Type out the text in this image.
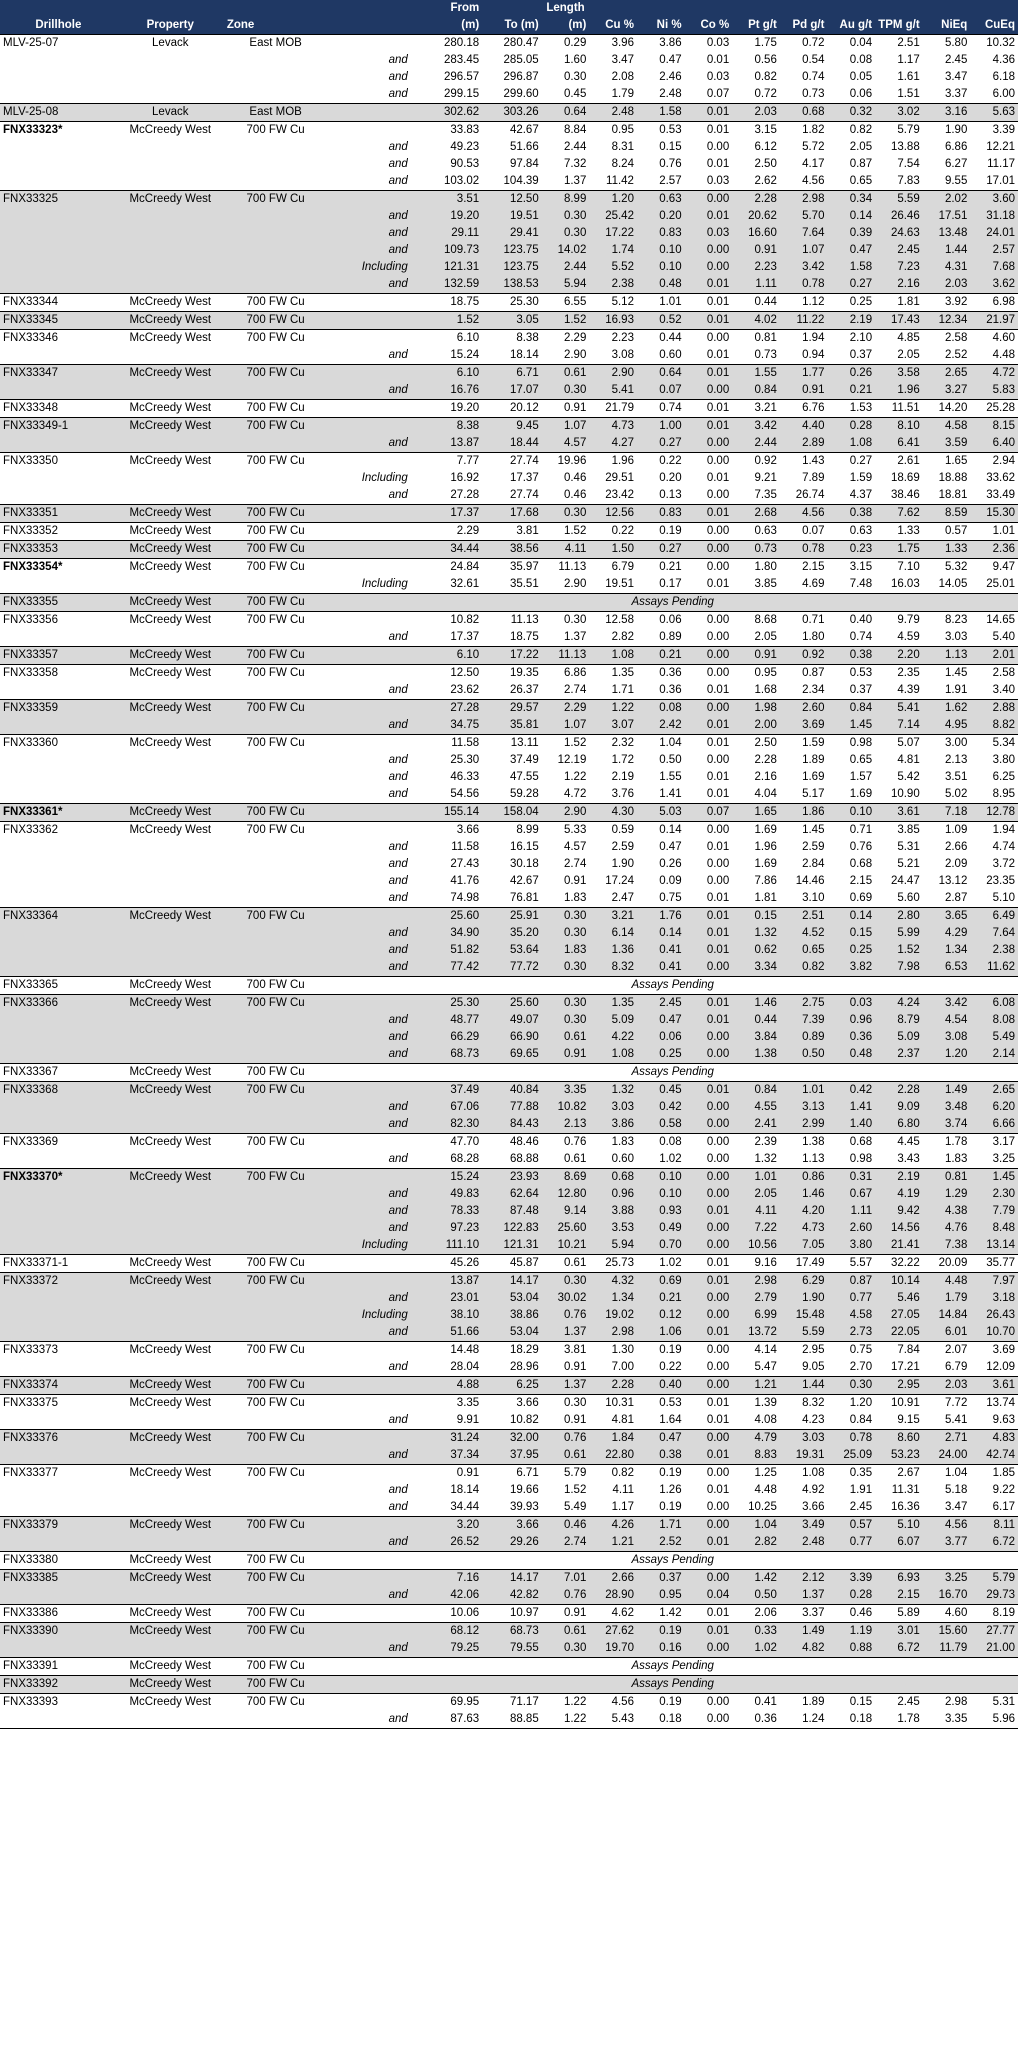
				From		Length									
Drillhole	Property	Zone		(m)	To (m)	(m)	Cu %	Ni %	Co %	Pt g/t	Pd g/t	Au g/t	TPM g/t	NiEq	CuEq
MLV-25-07	Levack	East MOB		280.18	280.47	0.29	3.96	3.86	0.03	1.75	0.72	0.04	2.51	5.80	10.32
			and	283.45	285.05	1.60	3.47	0.47	0.01	0.56	0.54	0.08	1.17	2.45	4.36
			and	296.57	296.87	0.30	2.08	2.46	0.03	0.82	0.74	0.05	1.61	3.47	6.18
			and	299.15	299.60	0.45	1.79	2.48	0.07	0.72	0.73	0.06	1.51	3.37	6.00
MLV-25-08	Levack	East MOB		302.62	303.26	0.64	2.48	1.58	0.01	2.03	0.68	0.32	3.02	3.16	5.63
FNX33323*	McCreedy West	700 FW Cu		33.83	42.67	8.84	0.95	0.53	0.01	3.15	1.82	0.82	5.79	1.90	3.39
			and	49.23	51.66	2.44	8.31	0.15	0.00	6.12	5.72	2.05	13.88	6.86	12.21
			and	90.53	97.84	7.32	8.24	0.76	0.01	2.50	4.17	0.87	7.54	6.27	11.17
			and	103.02	104.39	1.37	11.42	2.57	0.03	2.62	4.56	0.65	7.83	9.55	17.01
FNX33325	McCreedy West	700 FW Cu		3.51	12.50	8.99	1.20	0.63	0.00	2.28	2.98	0.34	5.59	2.02	3.60
			and	19.20	19.51	0.30	25.42	0.20	0.01	20.62	5.70	0.14	26.46	17.51	31.18
			and	29.11	29.41	0.30	17.22	0.83	0.03	16.60	7.64	0.39	24.63	13.48	24.01
			and	109.73	123.75	14.02	1.74	0.10	0.00	0.91	1.07	0.47	2.45	1.44	2.57
			Including	121.31	123.75	2.44	5.52	0.10	0.00	2.23	3.42	1.58	7.23	4.31	7.68
			and	132.59	138.53	5.94	2.38	0.48	0.01	1.11	0.78	0.27	2.16	2.03	3.62
FNX33344	McCreedy West	700 FW Cu		18.75	25.30	6.55	5.12	1.01	0.01	0.44	1.12	0.25	1.81	3.92	6.98
FNX33345	McCreedy West	700 FW Cu		1.52	3.05	1.52	16.93	0.52	0.01	4.02	11.22	2.19	17.43	12.34	21.97
FNX33346	McCreedy West	700 FW Cu		6.10	8.38	2.29	2.23	0.44	0.00	0.81	1.94	2.10	4.85	2.58	4.60
			and	15.24	18.14	2.90	3.08	0.60	0.01	0.73	0.94	0.37	2.05	2.52	4.48
FNX33347	McCreedy West	700 FW Cu		6.10	6.71	0.61	2.90	0.64	0.01	1.55	1.77	0.26	3.58	2.65	4.72
			and	16.76	17.07	0.30	5.41	0.07	0.00	0.84	0.91	0.21	1.96	3.27	5.83
FNX33348	McCreedy West	700 FW Cu		19.20	20.12	0.91	21.79	0.74	0.01	3.21	6.76	1.53	11.51	14.20	25.28
FNX33349-1	McCreedy West	700 FW Cu		8.38	9.45	1.07	4.73	1.00	0.01	3.42	4.40	0.28	8.10	4.58	8.15
			and	13.87	18.44	4.57	4.27	0.27	0.00	2.44	2.89	1.08	6.41	3.59	6.40
FNX33350	McCreedy West	700 FW Cu		7.77	27.74	19.96	1.96	0.22	0.00	0.92	1.43	0.27	2.61	1.65	2.94
			Including	16.92	17.37	0.46	29.51	0.20	0.01	9.21	7.89	1.59	18.69	18.88	33.62
			and	27.28	27.74	0.46	23.42	0.13	0.00	7.35	26.74	4.37	38.46	18.81	33.49
FNX33351	McCreedy West	700 FW Cu		17.37	17.68	0.30	12.56	0.83	0.01	2.68	4.56	0.38	7.62	8.59	15.30
FNX33352	McCreedy West	700 FW Cu		2.29	3.81	1.52	0.22	0.19	0.00	0.63	0.07	0.63	1.33	0.57	1.01
FNX33353	McCreedy West	700 FW Cu		34.44	38.56	4.11	1.50	0.27	0.00	0.73	0.78	0.23	1.75	1.33	2.36
FNX33354*	McCreedy West	700 FW Cu		24.84	35.97	11.13	6.79	0.21	0.00	1.80	2.15	3.15	7.10	5.32	9.47
			Including	32.61	35.51	2.90	19.51	0.17	0.01	3.85	4.69	7.48	16.03	14.05	25.01
FNX33355	McCreedy West	700 FW Cu	Assays Pending												
FNX33356	McCreedy West	700 FW Cu		10.82	11.13	0.30	12.58	0.06	0.00	8.68	0.71	0.40	9.79	8.23	14.65
			and	17.37	18.75	1.37	2.82	0.89	0.00	2.05	1.80	0.74	4.59	3.03	5.40
FNX33357	McCreedy West	700 FW Cu		6.10	17.22	11.13	1.08	0.21	0.00	0.91	0.92	0.38	2.20	1.13	2.01
FNX33358	McCreedy West	700 FW Cu		12.50	19.35	6.86	1.35	0.36	0.00	0.95	0.87	0.53	2.35	1.45	2.58
			and	23.62	26.37	2.74	1.71	0.36	0.01	1.68	2.34	0.37	4.39	1.91	3.40
FNX33359	McCreedy West	700 FW Cu		27.28	29.57	2.29	1.22	0.08	0.00	1.98	2.60	0.84	5.41	1.62	2.88
			and	34.75	35.81	1.07	3.07	2.42	0.01	2.00	3.69	1.45	7.14	4.95	8.82
FNX33360	McCreedy West	700 FW Cu		11.58	13.11	1.52	2.32	1.04	0.01	2.50	1.59	0.98	5.07	3.00	5.34
			and	25.30	37.49	12.19	1.72	0.50	0.00	2.28	1.89	0.65	4.81	2.13	3.80
			and	46.33	47.55	1.22	2.19	1.55	0.01	2.16	1.69	1.57	5.42	3.51	6.25
			and	54.56	59.28	4.72	3.76	1.41	0.01	4.04	5.17	1.69	10.90	5.02	8.95
FNX33361*	McCreedy West	700 FW Cu		155.14	158.04	2.90	4.30	5.03	0.07	1.65	1.86	0.10	3.61	7.18	12.78
FNX33362	McCreedy West	700 FW Cu		3.66	8.99	5.33	0.59	0.14	0.00	1.69	1.45	0.71	3.85	1.09	1.94
			and	11.58	16.15	4.57	2.59	0.47	0.01	1.96	2.59	0.76	5.31	2.66	4.74
			and	27.43	30.18	2.74	1.90	0.26	0.00	1.69	2.84	0.68	5.21	2.09	3.72
			and	41.76	42.67	0.91	17.24	0.09	0.00	7.86	14.46	2.15	24.47	13.12	23.35
			and	74.98	76.81	1.83	2.47	0.75	0.01	1.81	3.10	0.69	5.60	2.87	5.10
FNX33364	McCreedy West	700 FW Cu		25.60	25.91	0.30	3.21	1.76	0.01	0.15	2.51	0.14	2.80	3.65	6.49
			and	34.90	35.20	0.30	6.14	0.14	0.01	1.32	4.52	0.15	5.99	4.29	7.64
			and	51.82	53.64	1.83	1.36	0.41	0.01	0.62	0.65	0.25	1.52	1.34	2.38
			and	77.42	77.72	0.30	8.32	0.41	0.00	3.34	0.82	3.82	7.98	6.53	11.62
FNX33365	McCreedy West	700 FW Cu	Assays Pending												
FNX33366	McCreedy West	700 FW Cu		25.30	25.60	0.30	1.35	2.45	0.01	1.46	2.75	0.03	4.24	3.42	6.08
			and	48.77	49.07	0.30	5.09	0.47	0.01	0.44	7.39	0.96	8.79	4.54	8.08
			and	66.29	66.90	0.61	4.22	0.06	0.00	3.84	0.89	0.36	5.09	3.08	5.49
			and	68.73	69.65	0.91	1.08	0.25	0.00	1.38	0.50	0.48	2.37	1.20	2.14
FNX33367	McCreedy West	700 FW Cu	Assays Pending												
FNX33368	McCreedy West	700 FW Cu		37.49	40.84	3.35	1.32	0.45	0.01	0.84	1.01	0.42	2.28	1.49	2.65
			and	67.06	77.88	10.82	3.03	0.42	0.00	4.55	3.13	1.41	9.09	3.48	6.20
			and	82.30	84.43	2.13	3.86	0.58	0.00	2.41	2.99	1.40	6.80	3.74	6.66
FNX33369	McCreedy West	700 FW Cu		47.70	48.46	0.76	1.83	0.08	0.00	2.39	1.38	0.68	4.45	1.78	3.17
			and	68.28	68.88	0.61	0.60	1.02	0.00	1.32	1.13	0.98	3.43	1.83	3.25
FNX33370*	McCreedy West	700 FW Cu		15.24	23.93	8.69	0.68	0.10	0.00	1.01	0.86	0.31	2.19	0.81	1.45
			and	49.83	62.64	12.80	0.96	0.10	0.00	2.05	1.46	0.67	4.19	1.29	2.30
			and	78.33	87.48	9.14	3.88	0.93	0.01	4.11	4.20	1.11	9.42	4.38	7.79
			and	97.23	122.83	25.60	3.53	0.49	0.00	7.22	4.73	2.60	14.56	4.76	8.48
			Including	111.10	121.31	10.21	5.94	0.70	0.00	10.56	7.05	3.80	21.41	7.38	13.14
FNX33371-1	McCreedy West	700 FW Cu		45.26	45.87	0.61	25.73	1.02	0.01	9.16	17.49	5.57	32.22	20.09	35.77
FNX33372	McCreedy West	700 FW Cu		13.87	14.17	0.30	4.32	0.69	0.01	2.98	6.29	0.87	10.14	4.48	7.97
			and	23.01	53.04	30.02	1.34	0.21	0.00	2.79	1.90	0.77	5.46	1.79	3.18
			Including	38.10	38.86	0.76	19.02	0.12	0.00	6.99	15.48	4.58	27.05	14.84	26.43
			and	51.66	53.04	1.37	2.98	1.06	0.01	13.72	5.59	2.73	22.05	6.01	10.70
FNX33373	McCreedy West	700 FW Cu		14.48	18.29	3.81	1.30	0.19	0.00	4.14	2.95	0.75	7.84	2.07	3.69
			and	28.04	28.96	0.91	7.00	0.22	0.00	5.47	9.05	2.70	17.21	6.79	12.09
FNX33374	McCreedy West	700 FW Cu		4.88	6.25	1.37	2.28	0.40	0.00	1.21	1.44	0.30	2.95	2.03	3.61
FNX33375	McCreedy West	700 FW Cu		3.35	3.66	0.30	10.31	0.53	0.01	1.39	8.32	1.20	10.91	7.72	13.74
			and	9.91	10.82	0.91	4.81	1.64	0.01	4.08	4.23	0.84	9.15	5.41	9.63
FNX33376	McCreedy West	700 FW Cu		31.24	32.00	0.76	1.84	0.47	0.00	4.79	3.03	0.78	8.60	2.71	4.83
			and	37.34	37.95	0.61	22.80	0.38	0.01	8.83	19.31	25.09	53.23	24.00	42.74
FNX33377	McCreedy West	700 FW Cu		0.91	6.71	5.79	0.82	0.19	0.00	1.25	1.08	0.35	2.67	1.04	1.85
			and	18.14	19.66	1.52	4.11	1.26	0.01	4.48	4.92	1.91	11.31	5.18	9.22
			and	34.44	39.93	5.49	1.17	0.19	0.00	10.25	3.66	2.45	16.36	3.47	6.17
FNX33379	McCreedy West	700 FW Cu		3.20	3.66	0.46	4.26	1.71	0.00	1.04	3.49	0.57	5.10	4.56	8.11
			and	26.52	29.26	2.74	1.21	2.52	0.01	2.82	2.48	0.77	6.07	3.77	6.72
FNX33380	McCreedy West	700 FW Cu	Assays Pending												
FNX33385	McCreedy West	700 FW Cu		7.16	14.17	7.01	2.66	0.37	0.00	1.42	2.12	3.39	6.93	3.25	5.79
			and	42.06	42.82	0.76	28.90	0.95	0.04	0.50	1.37	0.28	2.15	16.70	29.73
FNX33386	McCreedy West	700 FW Cu		10.06	10.97	0.91	4.62	1.42	0.01	2.06	3.37	0.46	5.89	4.60	8.19
FNX33390	McCreedy West	700 FW Cu		68.12	68.73	0.61	27.62	0.19	0.01	0.33	1.49	1.19	3.01	15.60	27.77
			and	79.25	79.55	0.30	19.70	0.16	0.00	1.02	4.82	0.88	6.72	11.79	21.00
FNX33391	McCreedy West	700 FW Cu	Assays Pending												
FNX33392	McCreedy West	700 FW Cu	Assays Pending												
FNX33393	McCreedy West	700 FW Cu		69.95	71.17	1.22	4.56	0.19	0.00	0.41	1.89	0.15	2.45	2.98	5.31
			and	87.63	88.85	1.22	5.43	0.18	0.00	0.36	1.24	0.18	1.78	3.35	5.96
